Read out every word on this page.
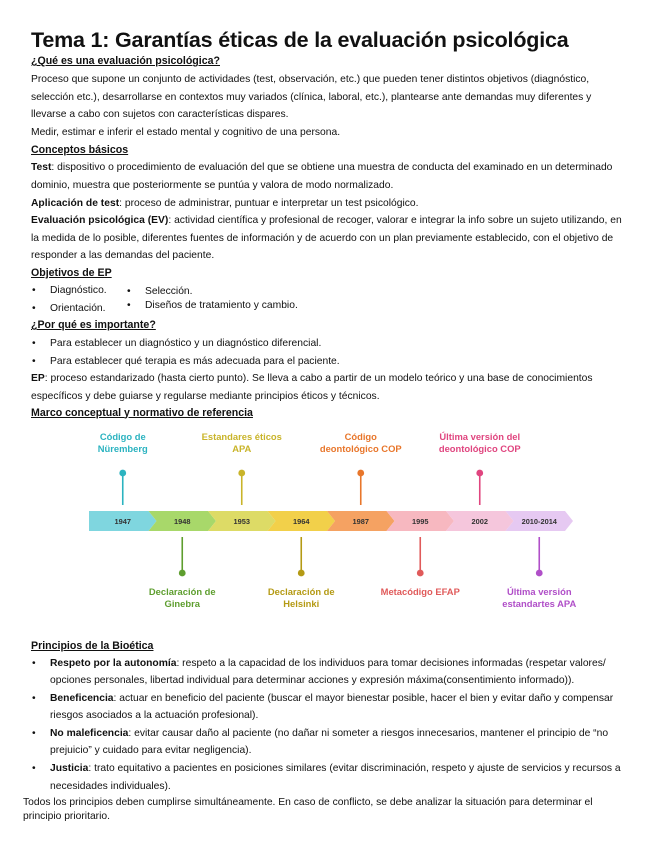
Tema 1: Garantías éticas de la evaluación psicológica
¿Qué es una evaluación psicológica?
Proceso que supone un conjunto de actividades (test, observación, etc.) que pueden tener distintos objetivos (diagnóstico, selección etc.), desarrollarse en contextos muy variados (clínica, laboral, etc.), plantearse ante demandas muy diferentes y llevarse a cabo con sujetos con características dispares.
Medir, estimar e inferir el estado mental y cognitivo de una persona.
Conceptos básicos
Test: dispositivo o procedimiento de evaluación del que se obtiene una muestra de conducta del examinado en un determinado dominio, muestra que posteriormente se puntúa y valora de modo normalizado.
Aplicación de test: proceso de administrar, puntuar e interpretar un test psicológico.
Evaluación psicológica (EV): actividad científica y profesional de recoger, valorar e integrar la info sobre un sujeto utilizando, en la medida de lo posible, diferentes fuentes de información y de acuerdo con un plan previamente establecido, con el objetivo de responder a las demandas del paciente.
Objetivos de EP
• Diagnóstico.
• Orientación.
• Selección.
• Diseños de tratamiento y cambio.
¿Por qué es importante?
• Para establecer un diagnóstico y un diagnóstico diferencial.
• Para establecer qué terapia es más adecuada para el paciente.
EP: proceso estandarizado (hasta cierto punto). Se lleva a cabo a partir de un modelo teórico y una base de conocimientos específicos y debe guiarse y regularse mediante principios éticos y técnicos.
Marco conceptual y normativo de referencia
1947	1948	1953	1964	1987	1995	2002	2010-2014
Código de
Nüremberg
Declaración de
Ginebra
Estandares éticos
APA
Declaración de
Helsinki
Código
deontológico COP
Metacódigo EFAP
Última versión del
deontológico COP
Última versión
estandartes APA
Principios de la Bioética
• Respeto por la autonomía: respeto a la capacidad de los individuos para tomar decisiones informadas (respetar valores/ opciones personales, libertad individual para determinar acciones y expresión máxima(consentimiento informado)).
• Beneficencia: actuar en beneficio del paciente (buscar el mayor bienestar posible, hacer el bien y evitar daño y compensar riesgos asociados a la actuación profesional).
• No maleficencia: evitar causar daño al paciente (no dañar ni someter a riesgos innecesarios, mantener el principio de “no prejuicio” y cuidado para evitar negligencia).
• Justicia: trato equitativo a pacientes en posiciones similares (evitar discriminación, respeto y ajuste de servicios y recursos a necesidades individuales).
Todos los principios deben cumplirse simultáneamente. En caso de conflicto, se debe analizar la situación para determinar el principio prioritario.
